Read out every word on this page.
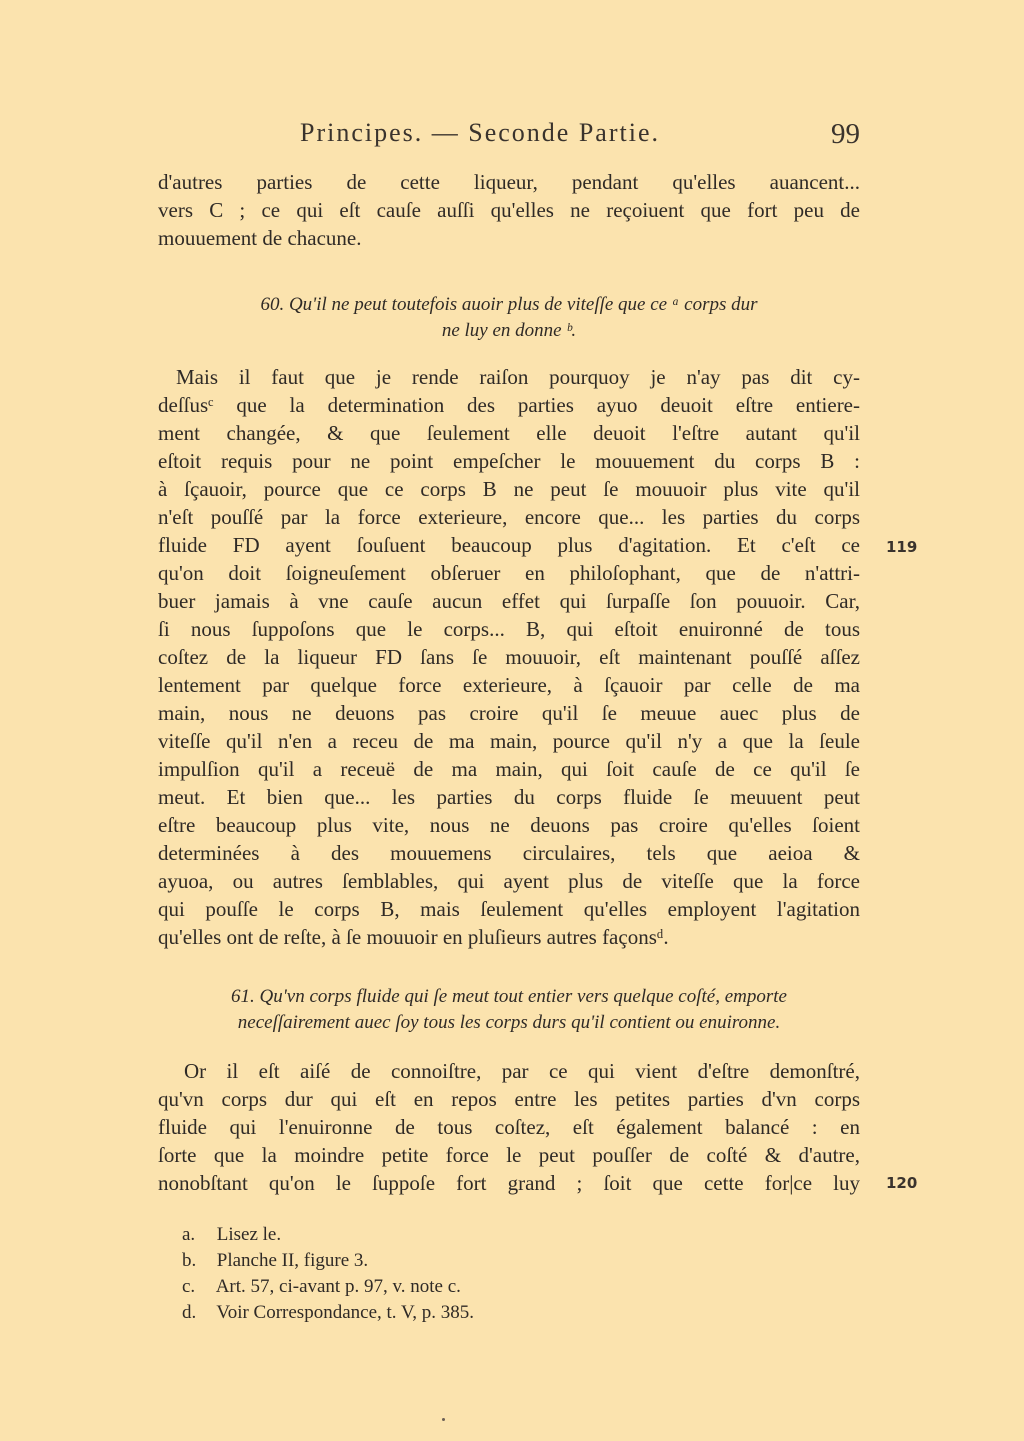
Principes. — Seconde Partie.	99
d'autres parties de cette liqueur, pendant qu'elles auancent...
vers C ; ce qui eſt cauſe auſſi qu'elles ne reçoiuent que fort peu de
mouuement de chacune.
60. Qu'il ne peut toutefois auoir plus de viteſſe que ce ᵃ corps dur
ne luy en donne ᵇ.
Mais il faut que je rende raiſon pourquoy je n'ay pas dit cy-
deſſusᶜ que la determination des parties ayuo deuoit eſtre entiere-
ment changée, & que ſeulement elle deuoit l'eſtre autant qu'il
eſtoit requis pour ne point empeſcher le mouuement du corps B :
à ſçauoir, pource que ce corps B ne peut ſe mouuoir plus vite qu'il
n'eſt pouſſé par la force exterieure, encore que... les parties du corps
fluide FD ayent ſouſuent beaucoup plus d'agitation. Et c'eſt ce
qu'on doit ſoigneuſement obſeruer en philoſophant, que de n'attri-
buer jamais à vne cauſe aucun effet qui ſurpaſſe ſon pouuoir. Car,
ſi nous ſuppoſons que le corps... B, qui eſtoit enuironné de tous
coſtez de la liqueur FD ſans ſe mouuoir, eſt maintenant pouſſé aſſez
lentement par quelque force exterieure, à ſçauoir par celle de ma
main, nous ne deuons pas croire qu'il ſe meuue auec plus de
viteſſe qu'il n'en a receu de ma main, pource qu'il n'y a que la ſeule
impulſion qu'il a receuë de ma main, qui ſoit cauſe de ce qu'il ſe
meut. Et bien que... les parties du corps fluide ſe meuuent peut
eſtre beaucoup plus vite, nous ne deuons pas croire qu'elles ſoient
determinées à des mouuemens circulaires, tels que aeioa &
ayuoa, ou autres ſemblables, qui ayent plus de viteſſe que la force
qui pouſſe le corps B, mais ſeulement qu'elles employent l'agitation
qu'elles ont de reſte, à ſe mouuoir en pluſieurs autres façonsᵈ.
119
61. Qu'vn corps fluide qui ſe meut tout entier vers quelque coſté, emporte
neceſſairement auec ſoy tous les corps durs qu'il contient ou enuironne.
Or il eſt aiſé de connoiſtre, par ce qui vient d'eſtre demonſtré,
qu'vn corps dur qui eſt en repos entre les petites parties d'vn corps
fluide qui l'enuironne de tous coſtez, eſt également balancé : en
ſorte que la moindre petite force le peut pouſſer de coſté & d'autre,
nonobſtant qu'on le ſuppoſe fort grand ; ſoit que cette for|ce luy 120
a. Lisez le.
b. Planche II, figure 3.
c. Art. 57, ci-avant p. 97, v. note c.
d. Voir Correspondance, t. V, p. 385.
